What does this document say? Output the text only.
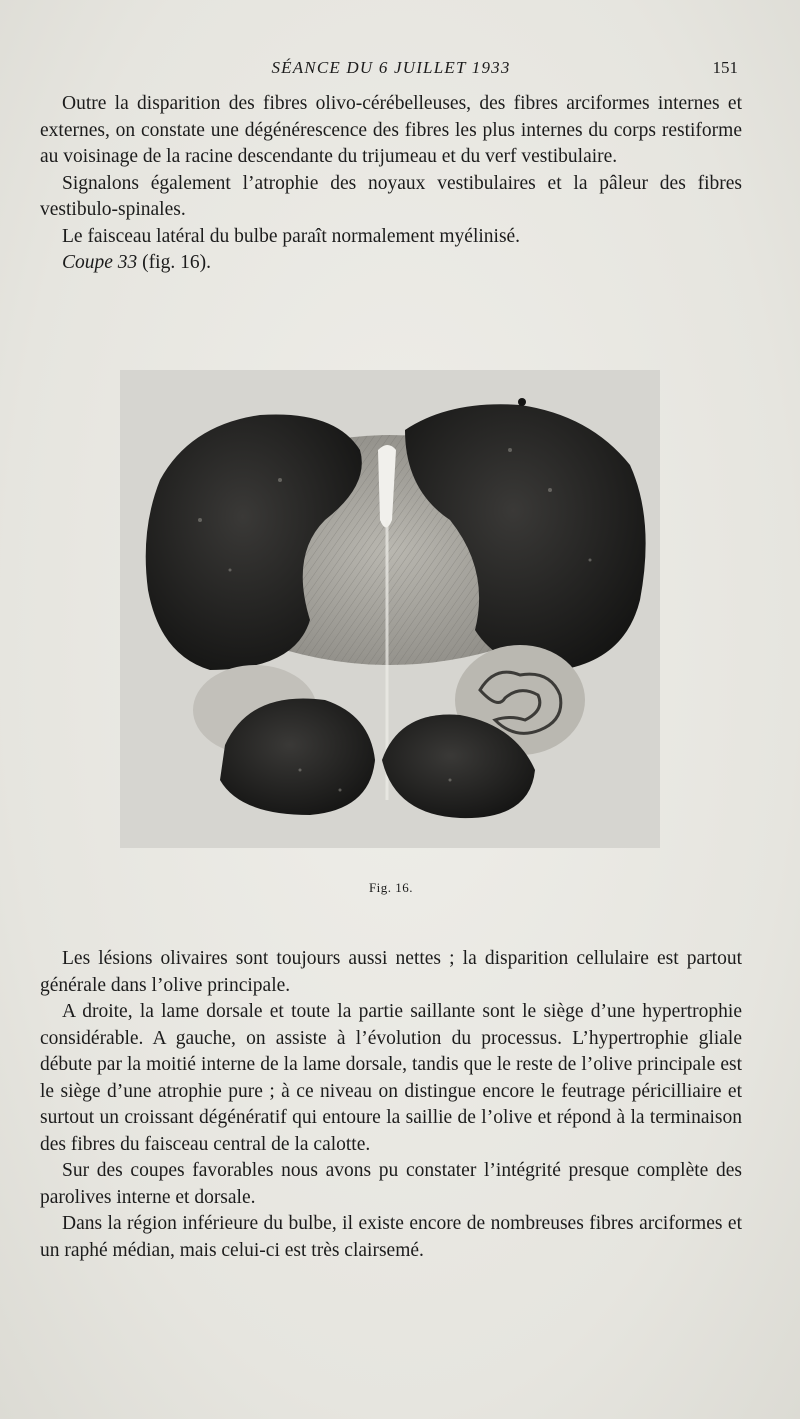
SÉANCE DU 6 JUILLET 1933	151

Outre la disparition des fibres olivo-cérébelleuses, des fibres arciformes internes et externes, on constate une dégénérescence des fibres les plus internes du corps restiforme au voisinage de la racine descendante du trijumeau et du verf vestibulaire.

Signalons également l’atrophie des noyaux vestibulaires et la pâleur des fibres vestibulo-spinales.

Le faisceau latéral du bulbe paraît normalement myélinisé.

Coupe 33 (fig. 16).

Fig. 16.

Les lésions olivaires sont toujours aussi nettes ; la disparition cellulaire est partout générale dans l’olive principale.

A droite, la lame dorsale et toute la partie saillante sont le siège d’une hypertrophie considérable. A gauche, on assiste à l’évolution du processus. L’hypertrophie gliale débute par la moitié interne de la lame dorsale, tandis que le reste de l’olive principale est le siège d’une atrophie pure ; à ce niveau on distingue encore le feutrage péricilliaire et surtout un croissant dégénératif qui entoure la saillie de l’olive et répond à la terminaison des fibres du faisceau central de la calotte.

Sur des coupes favorables nous avons pu constater l’intégrité presque complète des parolives interne et dorsale.

Dans la région inférieure du bulbe, il existe encore de nombreuses fibres arciformes et un raphé médian, mais celui-ci est très clairsemé.
